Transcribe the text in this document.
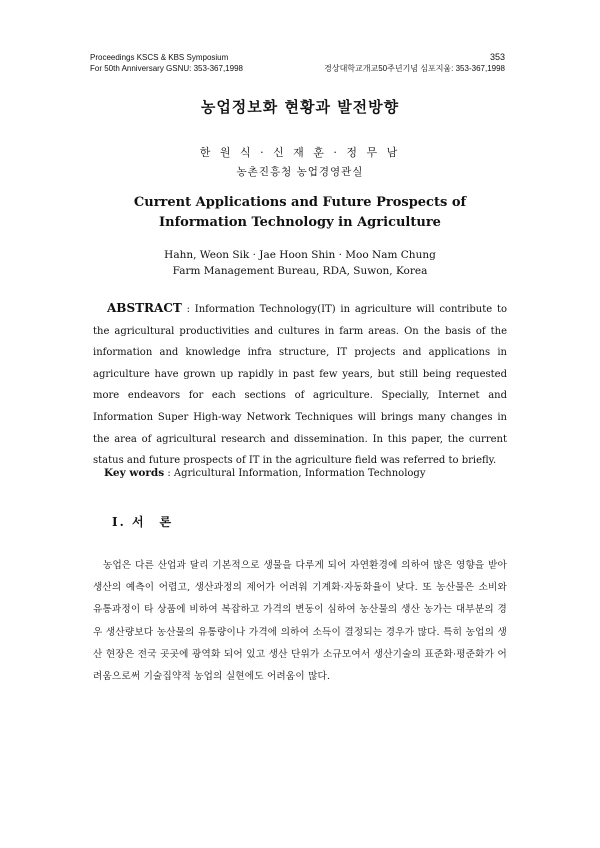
Proceedings KSCS & KBS Symposium
For 50th Anniversary GSNU: 353-367,1998
353
경상대학교개교50주년기념 심포지움: 353-367,1998
농업정보화 현황과 발전방향
한 원 식 · 신 재 훈 · 정 무 남
농촌진흥청 농업경영관실
Current Applications and Future Prospects of Information Technology in Agriculture
Hahn, Weon Sik · Jae Hoon Shin · Moo Nam Chung
Farm Management Bureau, RDA, Suwon, Korea
ABSTRACT : Information Technology(IT) in agriculture will contribute to the agricultural productivities and cultures in farm areas. On the basis of the information and knowledge infra structure, IT projects and applications in agriculture have grown up rapidly in past few years, but still being requested more endeavors for each sections of agriculture. Specially, Internet and Information Super High-way Network Techniques will brings many changes in the area of agricultural research and dissemination. In this paper, the current status and future prospects of IT in the agriculture field was referred to briefly.
Key words : Agricultural Information, Information Technology
Ⅰ. 서　론

농업은 다른 산업과 달리 기본적으로 생물을 다루게 되어 자연환경에 의하여 많은 영향을 받아 생산의 예측이 어렵고, 생산과정의 제어가 어려워 기계화·자동화율이 낮다. 또 농산물은 소비와 유통과정이 타 상품에 비하여 복잡하고 가격의 변동이 심하여 농산물의 생산 농가는 대부분의 경우 생산량보다 농산물의 유통량이나 가격에 의하여 소득이 결정되는 경우가 많다. 특히 농업의 생산 현장은 전국 곳곳에 광역화 되어 있고 생산 단위가 소규모여서 생산기술의 표준화·평준화가 어려움으로써 기술집약적 농업의 실현에도 어려움이 많다.
